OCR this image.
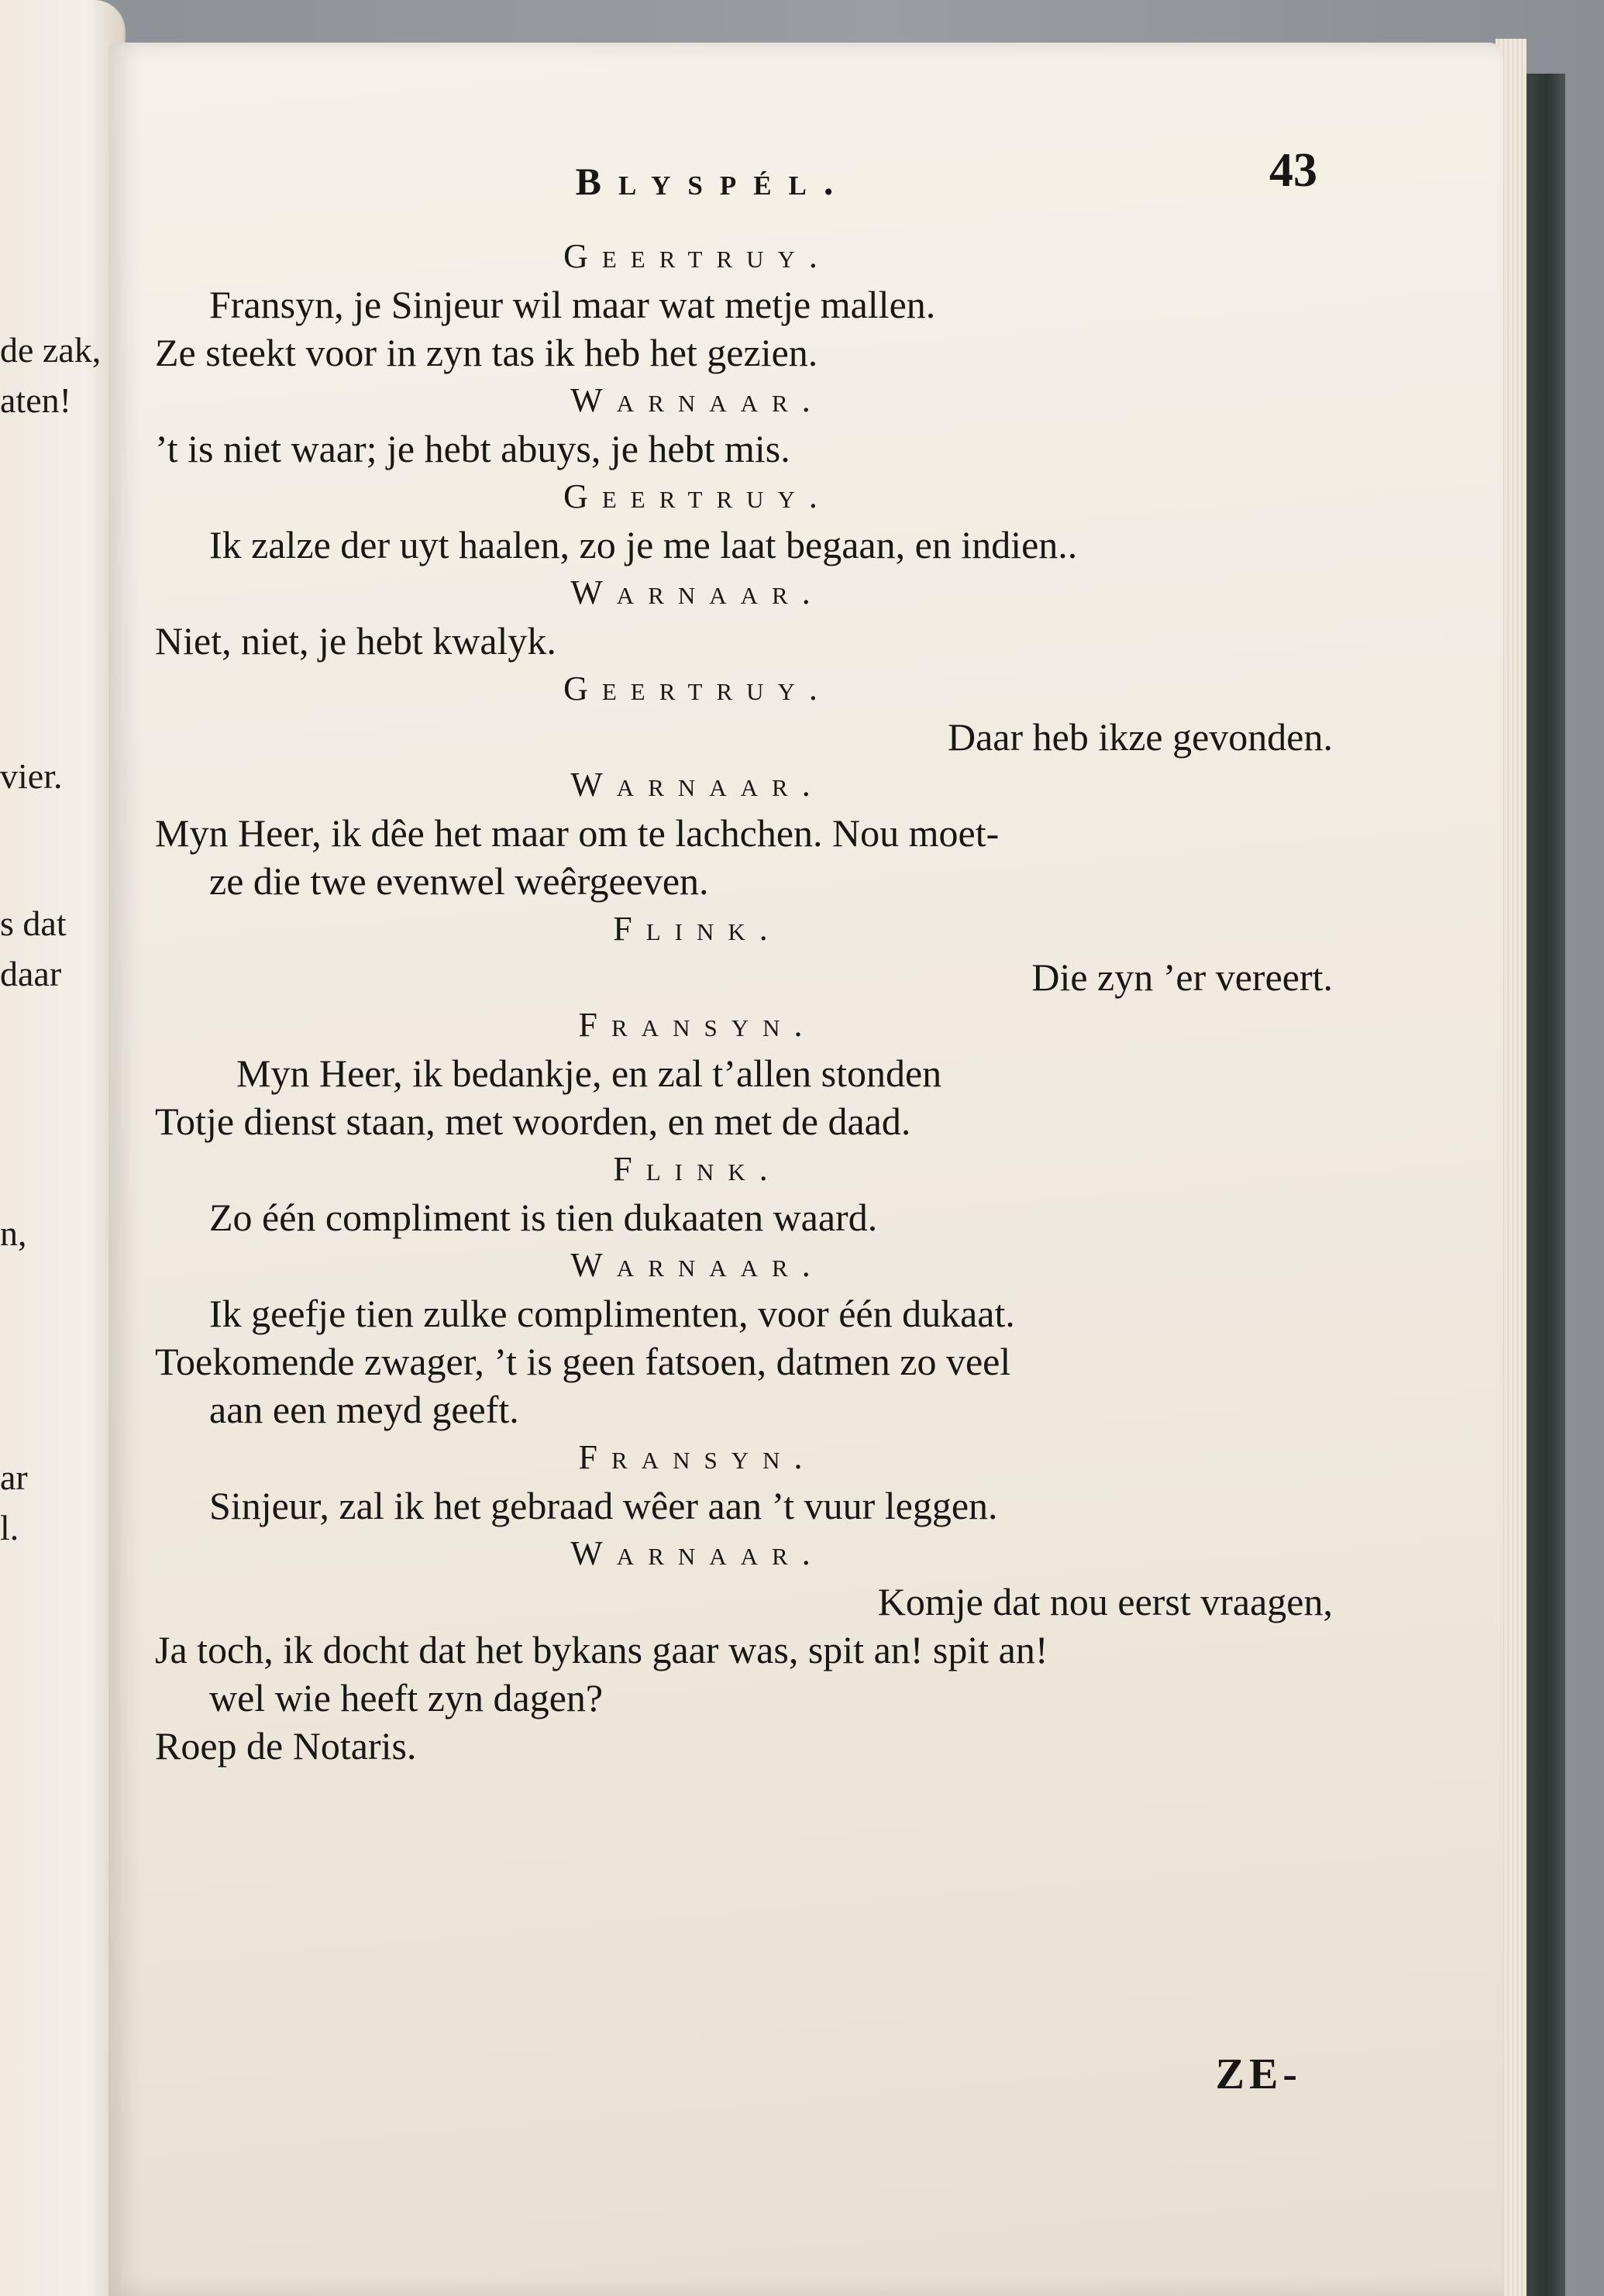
de zak,
aten!
vier.
s dat
daar
n,
ar
l.
Blyspél.	43
Geertruy.
Fransyn, je Sinjeur wil maar wat metje mallen.
Ze steekt voor in zyn tas ik heb het gezien.
Warnaar.
’t is niet waar; je hebt abuys, je hebt mis.
Geertruy.
Ik zalze der uyt haalen, zo je me laat begaan, en indien..
Warnaar.
Niet, niet, je hebt kwalyk.
Geertruy.
Daar heb ikze gevonden.
Warnaar.
Myn Heer, ik dêe het maar om te lachchen. Nou moet-
ze die twe evenwel weêrgeeven.
Flink.
Die zyn ’er vereert.
Fransyn.
Myn Heer, ik bedankje, en zal t’allen stonden
Totje dienst staan, met woorden, en met de daad.
Flink.
Zo één compliment is tien dukaaten waard.
Warnaar.
Ik geefje tien zulke complimenten, voor één dukaat.
Toekomende zwager, ’t is geen fatsoen, datmen zo veel
aan een meyd geeft.
Fransyn.
Sinjeur, zal ik het gebraad wêer aan ’t vuur leggen.
Warnaar.
Komje dat nou eerst vraagen,
Ja toch, ik docht dat het bykans gaar was, spit an! spit an!
wel wie heeft zyn dagen?
Roep de Notaris.
ZE-
